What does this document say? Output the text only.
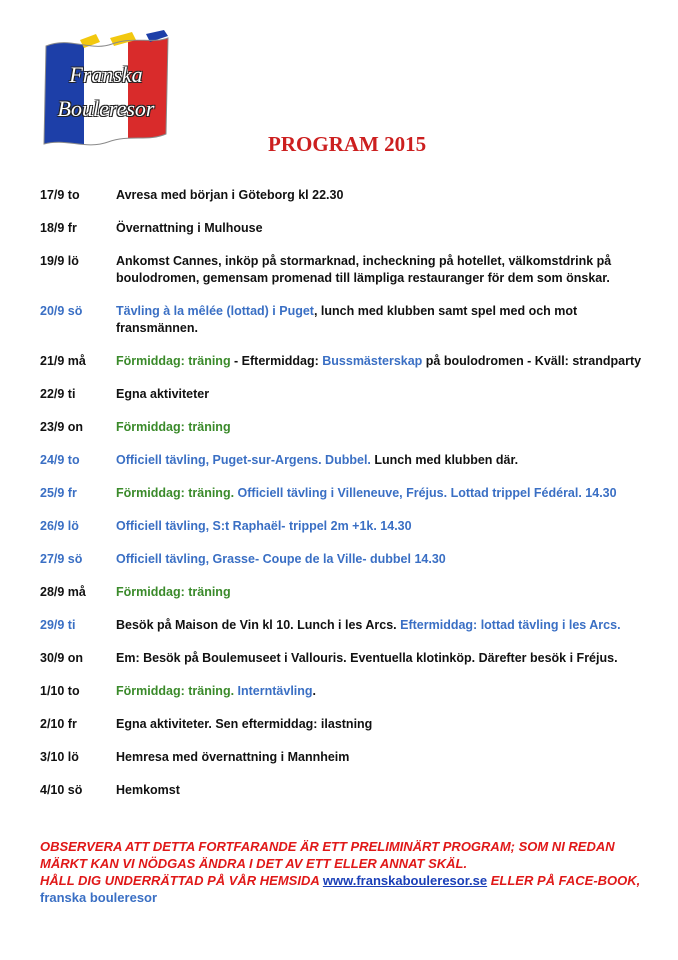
Franska
Bouleresor
PROGRAM 2015
17/9 to	Avresa med början i Göteborg kl 22.30
18/9 fr	Övernattning i Mulhouse
19/9 lö	Ankomst Cannes, inköp på stormarknad, incheckning på hotellet, välkomstdrink på boulodromen, gemensam promenad till lämpliga restauranger för dem som önskar.
20/9 sö	Tävling à la mêlée (lottad) i Puget, lunch med klubben samt spel med och mot fransmännen.
21/9 må	Förmiddag: träning - Eftermiddag: Bussmästerskap på boulodromen - Kväll: strandparty
22/9 ti	Egna aktiviteter
23/9 on	Förmiddag: träning
24/9 to	Officiell tävling, Puget-sur-Argens. Dubbel. Lunch med klubben där.
25/9 fr	Förmiddag: träning. Officiell tävling i Villeneuve, Fréjus. Lottad trippel Fédéral. 14.30
26/9 lö	Officiell tävling, S:t Raphaël- trippel 2m +1k. 14.30
27/9 sö	Officiell tävling, Grasse- Coupe de la Ville- dubbel 14.30
28/9 må	Förmiddag: träning
29/9 ti	Besök på Maison de Vin kl 10. Lunch i les Arcs. Eftermiddag: lottad tävling i les Arcs.
30/9 on	Em: Besök på Boulemuseet i Vallouris. Eventuella klotinköp. Därefter besök i Fréjus.
1/10 to	Förmiddag: träning. Interntävling.
2/10 fr	Egna aktiviteter. Sen eftermiddag: ilastning
3/10 lö	Hemresa med övernattning i Mannheim
4/10 sö	Hemkomst
OBSERVERA ATT DETTA FORTFARANDE ÄR ETT PRELIMINÄRT PROGRAM; SOM NI REDAN MÄRKT KAN VI NÖDGAS ÄNDRA I DET AV ETT ELLER ANNAT SKÄL.
HÅLL DIG UNDERRÄTTAD PÅ VÅR HEMSIDA www.franskabouleresor.se ELLER PÅ FACE-BOOK, franska bouleresor
